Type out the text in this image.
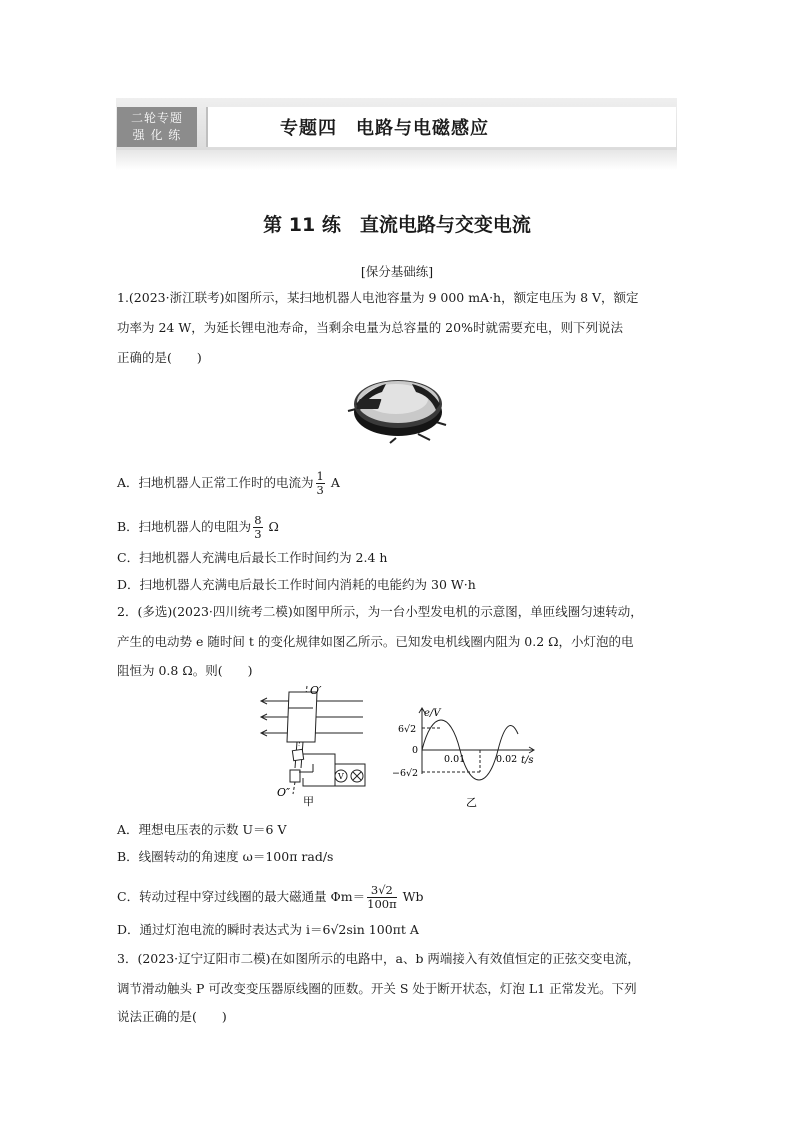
二轮专题
强 化 练	专题四　电路与电磁感应
第 11 练　直流电路与交变电流
[保分基础练]
1.(2023·浙江联考)如图所示，某扫地机器人电池容量为 9 000 mA·h，额定电压为 8 V，额定
功率为 24 W，为延长锂电池寿命，当剩余电量为总容量的 20%时就需要充电，则下列说法
正确的是(　　)
A．扫地机器人正常工作时的电流为 $\frac{1}{3}$ A
B．扫地机器人的电阻为 $\frac{8}{3}$ Ω
C．扫地机器人充满电后最长工作时间约为 2.4 h
D．扫地机器人充满电后最长工作时间内消耗的电能约为 30 W·h
2．(多选)(2023·四川统考二模)如图甲所示，为一台小型发电机的示意图，单匝线圈匀速转动，
产生的电动势 e 随时间 t 的变化规律如图乙所示。已知发电机线圈内阻为 0.2 Ω，小灯泡的电
阻恒为 0.8 Ω。则(　　)
V
O′
O″
甲
e/V
t/s
6√2
0
−6√2
0.01	0.02
乙
A．理想电压表的示数 U＝6 V
B．线圈转动的角速度 ω＝100π rad/s
C．转动过程中穿过线圈的最大磁通量 $\Phi m= \frac{3√2}{100\pi}$ Wb
D．通过灯泡电流的瞬时表达式为 i＝6√2sin 100πt A
3．(2023·辽宁辽阳市二模)在如图所示的电路中，a、b 两端接入有效值恒定的正弦交变电流，
调节滑动触头 P 可改变变压器原线圈的匝数。开关 S 处于断开状态，灯泡 L1 正常发光。下列
说法正确的是(　　)
